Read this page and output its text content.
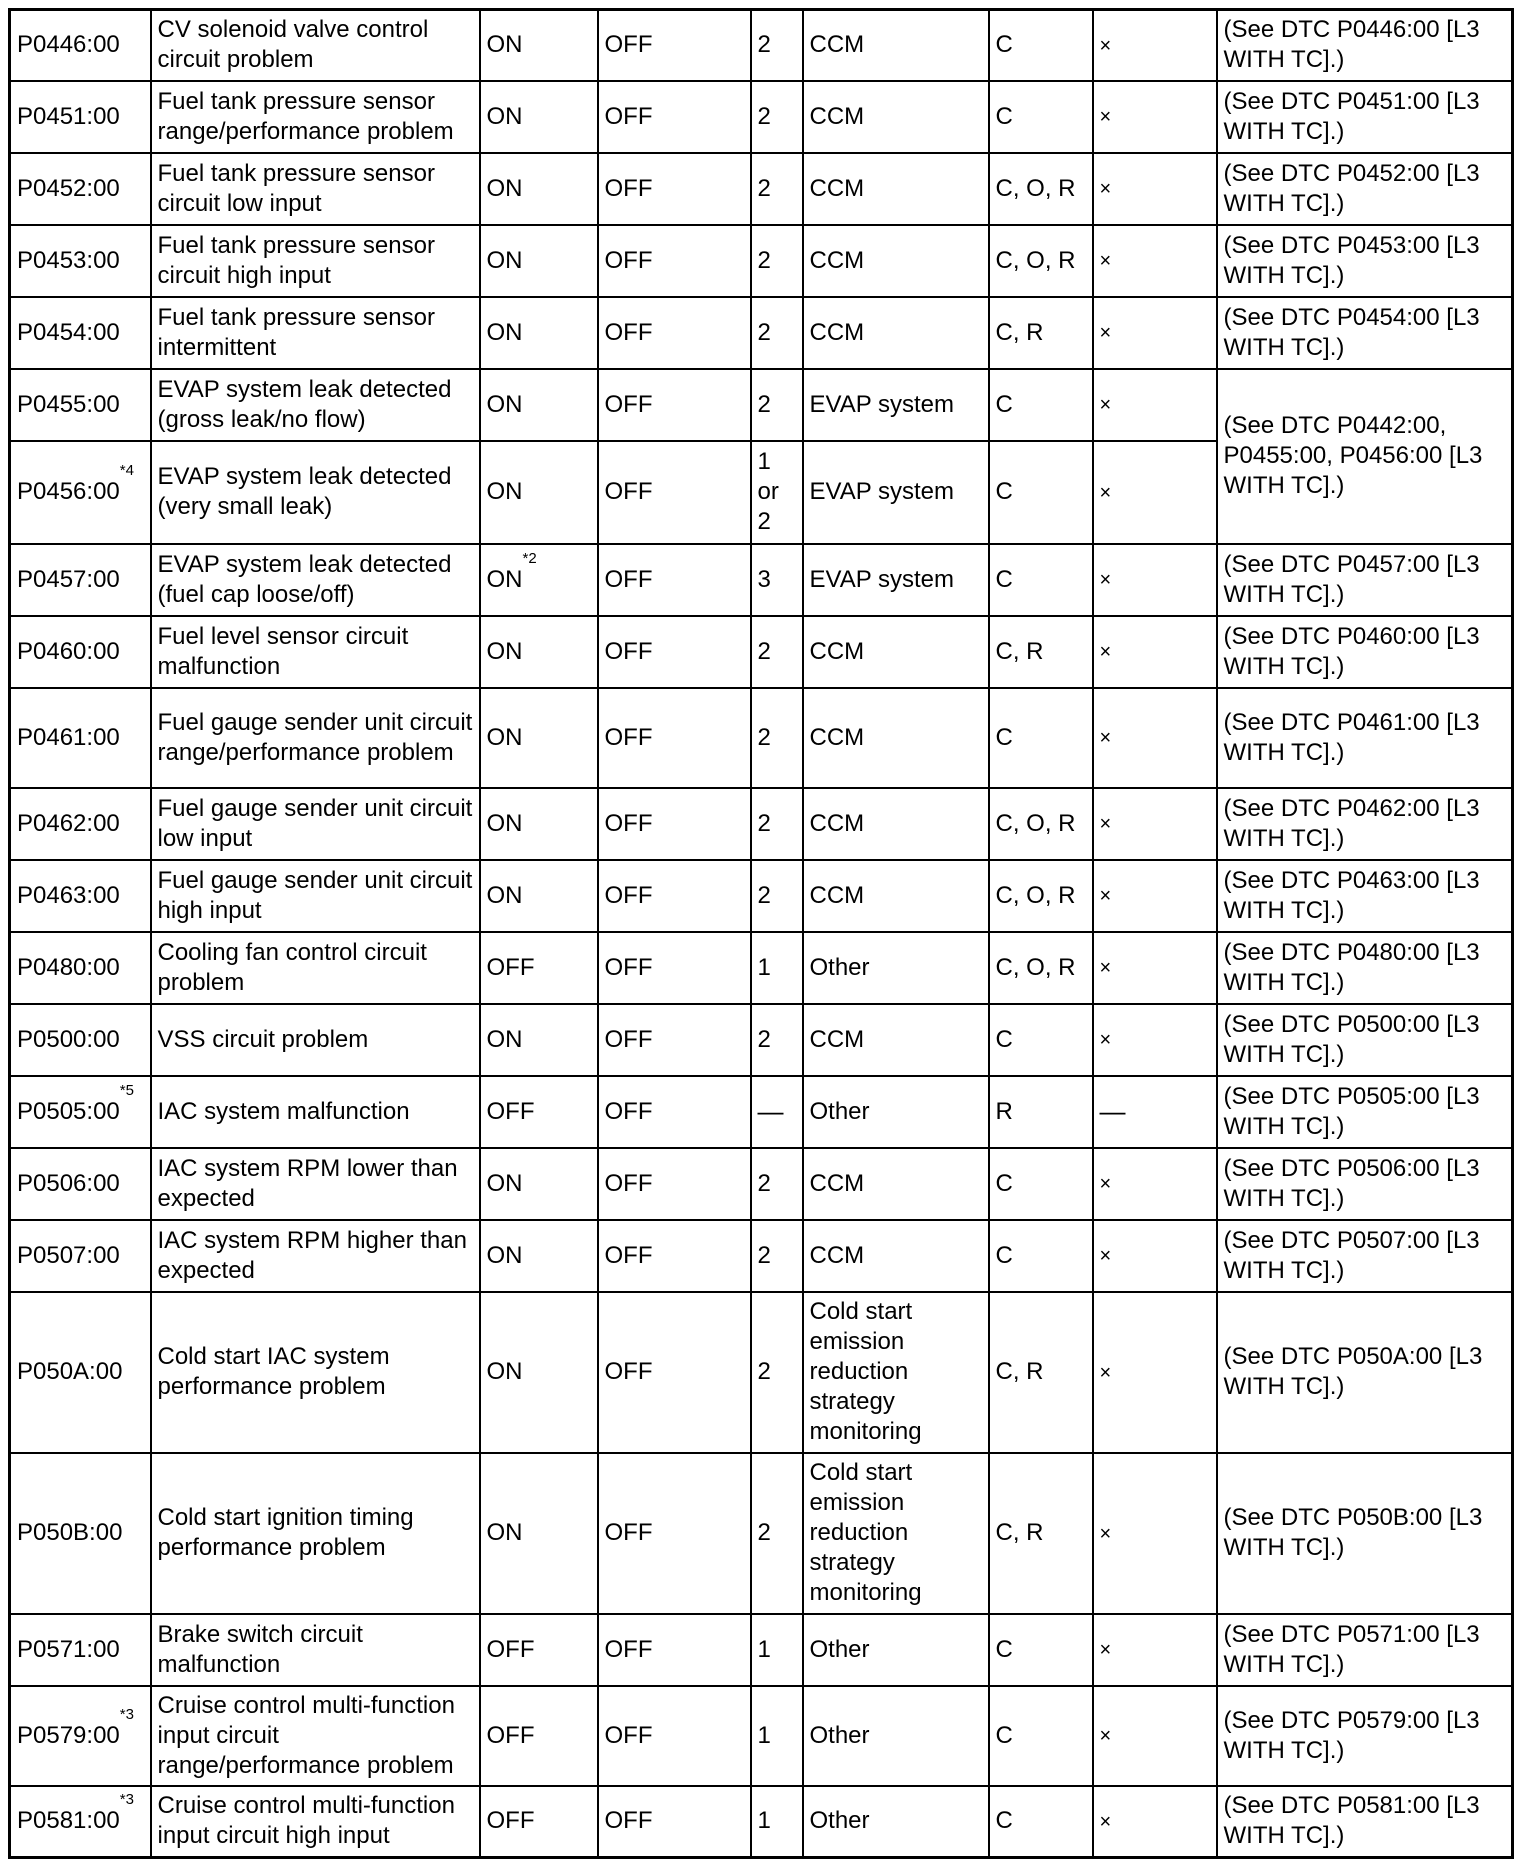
P0446:00	CV solenoid valve control circuit problem	ON	OFF	2	CCM	C	×	(See DTC P0446:00 [L3 WITH TC].)
P0451:00	Fuel tank pressure sensor range/performance problem	ON	OFF	2	CCM	C	×	(See DTC P0451:00 [L3 WITH TC].)
P0452:00	Fuel tank pressure sensor circuit low input	ON	OFF	2	CCM	C, O, R	×	(See DTC P0452:00 [L3 WITH TC].)
P0453:00	Fuel tank pressure sensor circuit high input	ON	OFF	2	CCM	C, O, R	×	(See DTC P0453:00 [L3 WITH TC].)
P0454:00	Fuel tank pressure sensor intermittent	ON	OFF	2	CCM	C, R	×	(See DTC P0454:00 [L3 WITH TC].)
P0455:00	EVAP system leak detected (gross leak/no flow)	ON	OFF	2	EVAP system	C	×	(See DTC P0442:00, P0455:00, P0456:00 [L3 WITH TC].)
P0456:00$^{*4}$	EVAP system leak detected (very small leak)	ON	OFF	1 or 2	EVAP system	C	×	
P0457:00	EVAP system leak detected (fuel cap loose/off)	ON$^{*2}$	OFF	3	EVAP system	C	×	(See DTC P0457:00 [L3 WITH TC].)
P0460:00	Fuel level sensor circuit malfunction	ON	OFF	2	CCM	C, R	×	(See DTC P0460:00 [L3 WITH TC].)
P0461:00	Fuel gauge sender unit circuit range/performance problem	ON	OFF	2	CCM	C	×	(See DTC P0461:00 [L3 WITH TC].)
P0462:00	Fuel gauge sender unit circuit low input	ON	OFF	2	CCM	C, O, R	×	(See DTC P0462:00 [L3 WITH TC].)
P0463:00	Fuel gauge sender unit circuit high input	ON	OFF	2	CCM	C, O, R	×	(See DTC P0463:00 [L3 WITH TC].)
P0480:00	Cooling fan control circuit problem	OFF	OFF	1	Other	C, O, R	×	(See DTC P0480:00 [L3 WITH TC].)
P0500:00	VSS circuit problem	ON	OFF	2	CCM	C	×	(See DTC P0500:00 [L3 WITH TC].)
P0505:00$^{*5}$	IAC system malfunction	OFF	OFF	—	Other	R	—	(See DTC P0505:00 [L3 WITH TC].)
P0506:00	IAC system RPM lower than expected	ON	OFF	2	CCM	C	×	(See DTC P0506:00 [L3 WITH TC].)
P0507:00	IAC system RPM higher than expected	ON	OFF	2	CCM	C	×	(See DTC P0507:00 [L3 WITH TC].)
P050A:00	Cold start IAC system performance problem	ON	OFF	2	Cold start emission reduction strategy monitoring	C, R	×	(See DTC P050A:00 [L3 WITH TC].)
P050B:00	Cold start ignition timing performance problem	ON	OFF	2	Cold start emission reduction strategy monitoring	C, R	×	(See DTC P050B:00 [L3 WITH TC].)
P0571:00	Brake switch circuit malfunction	OFF	OFF	1	Other	C	×	(See DTC P0571:00 [L3 WITH TC].)
P0579:00$^{*3}$	Cruise control multi-function input circuit range/performance problem	OFF	OFF	1	Other	C	×	(See DTC P0579:00 [L3 WITH TC].)
P0581:00$^{*3}$	Cruise control multi-function input circuit high input	OFF	OFF	1	Other	C	×	(See DTC P0581:00 [L3 WITH TC].)
